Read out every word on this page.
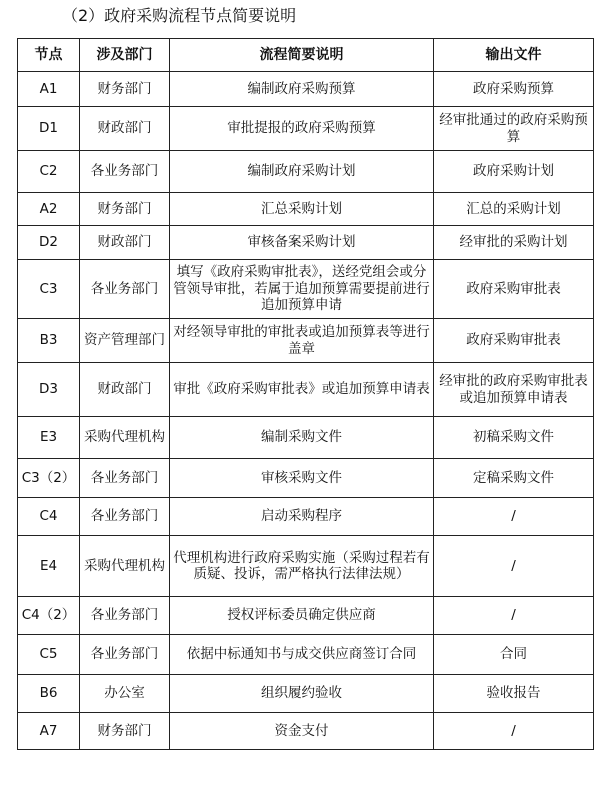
（2）政府采购流程节点简要说明
节点	涉及部门	流程简要说明	输出文件
A1	财务部门	编制政府采购预算	政府采购预算
D1	财政部门	审批提报的政府采购预算	经审批通过的政府采购预算
C2	各业务部门	编制政府采购计划	政府采购计划
A2	财务部门	汇总采购计划	汇总的采购计划
D2	财政部门	审核备案采购计划	经审批的采购计划
C3	各业务部门	填写《政府采购审批表》，送经党组会或分管领导审批，若属于追加预算需要提前进行追加预算申请	政府采购审批表
B3	资产管理部门	对经领导审批的审批表或追加预算表等进行盖章	政府采购审批表
D3	财政部门	审批《政府采购审批表》或追加预算申请表	经审批的政府采购审批表或追加预算申请表
E3	采购代理机构	编制采购文件	初稿采购文件
C3（2）	各业务部门	审核采购文件	定稿采购文件
C4	各业务部门	启动采购程序	/
E4	采购代理机构	代理机构进行政府采购实施（采购过程若有质疑、投诉，需严格执行法律法规）	/
C4（2）	各业务部门	授权评标委员确定供应商	/
C5	各业务部门	依据中标通知书与成交供应商签订合同	合同
B6	办公室	组织履约验收	验收报告
A7	财务部门	资金支付	/
